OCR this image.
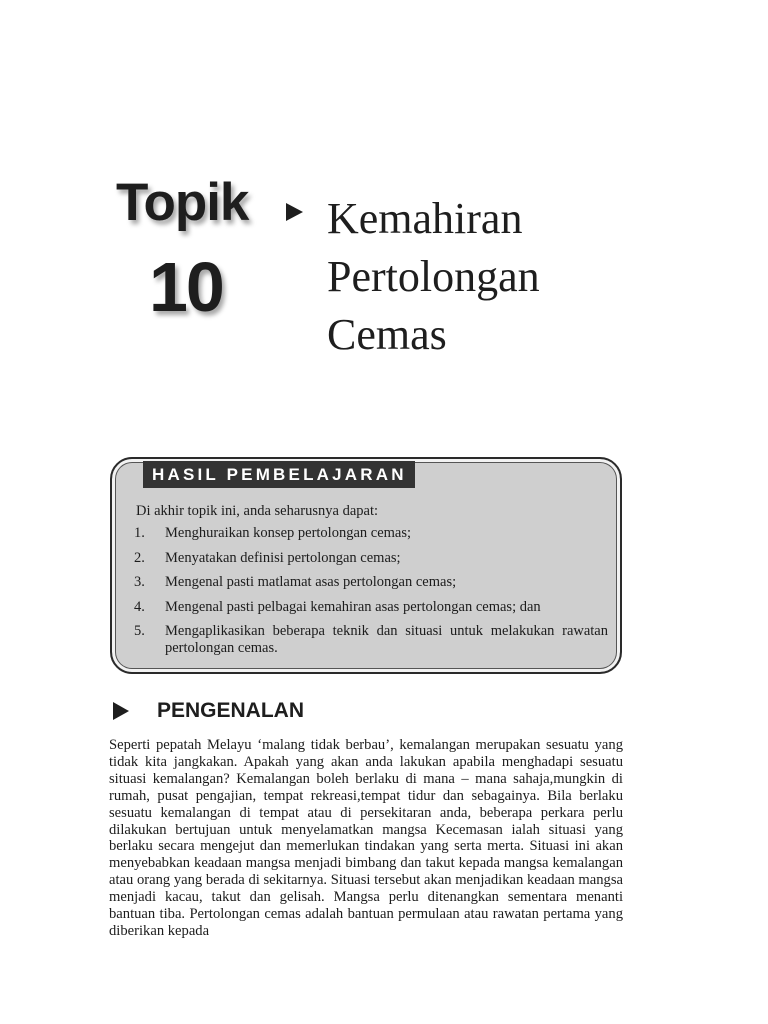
Topik
10
Kemahiran
Pertolongan
Cemas
HASIL PEMBELAJARAN

Di akhir topik ini, anda seharusnya dapat:

1.	Menghuraikan konsep pertolongan cemas;
2.	Menyatakan definisi pertolongan cemas;
3.	Mengenal pasti matlamat asas pertolongan cemas;
4.	Mengenal pasti pelbagai kemahiran asas pertolongan cemas; dan
5.	Mengaplikasikan beberapa teknik dan situasi untuk melakukan rawatan pertolongan cemas.
PENGENALAN

Seperti pepatah Melayu ‘malang tidak berbau’, kemalangan merupakan sesuatu yang tidak kita jangkakan. Apakah yang akan anda lakukan apabila menghadapi sesuatu situasi kemalangan? Kemalangan boleh berlaku di mana – mana sahaja,mungkin di rumah, pusat pengajian, tempat rekreasi,tempat tidur dan sebagainya. Bila berlaku sesuatu kemalangan di tempat atau di persekitaran anda, beberapa perkara perlu dilakukan bertujuan untuk menyelamatkan mangsa Kecemasan ialah situasi yang berlaku secara mengejut dan memerlukan tindakan yang serta merta. Situasi ini akan menyebabkan keadaan mangsa menjadi bimbang dan takut kepada mangsa kemalangan atau orang yang berada di sekitarnya. Situasi tersebut akan menjadikan keadaan mangsa menjadi kacau, takut dan gelisah. Mangsa perlu ditenangkan sementara menanti bantuan tiba. Pertolongan cemas adalah bantuan permulaan atau rawatan pertama yang diberikan kepada
